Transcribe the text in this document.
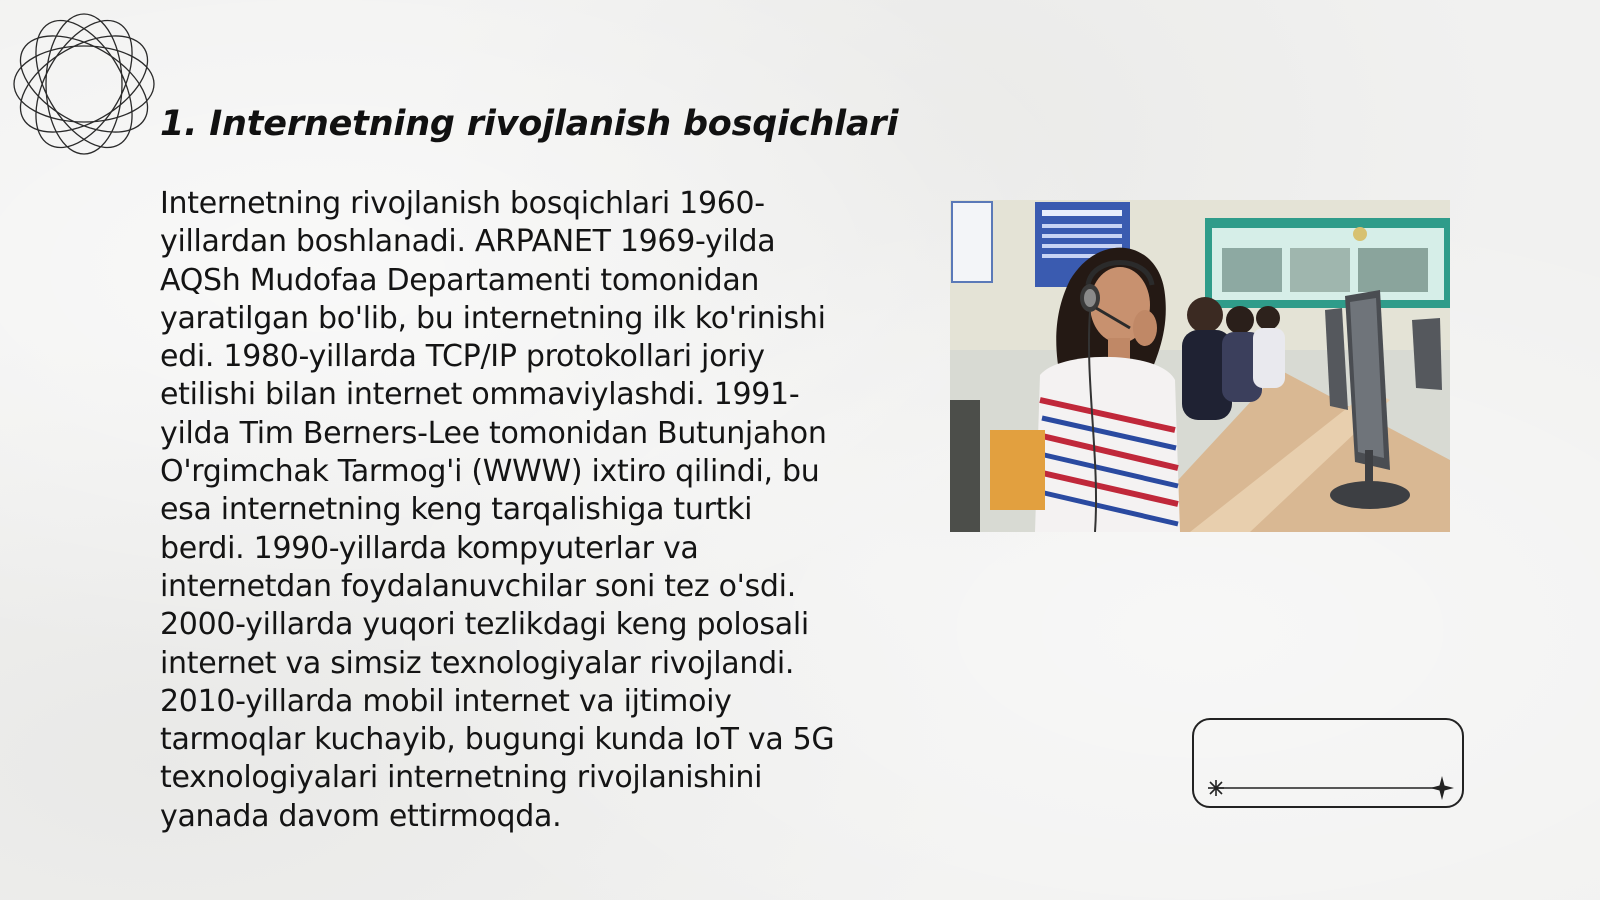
1. Internetning rivojlanish bosqichlari

Internetning rivojlanish bosqichlari 1960-yillardan boshlanadi. ARPANET 1969-yilda AQSh Mudofaa Departamenti tomonidan yaratilgan bo'lib, bu internetning ilk ko'rinishi edi. 1980-yillarda TCP/IP protokollari joriy etilishi bilan internet ommaviylashdi. 1991-yilda Tim Berners-Lee tomonidan Butunjahon O'rgimchak Tarmog'i (WWW) ixtiro qilindi, bu esa internetning keng tarqalishiga turtki berdi. 1990-yillarda kompyuterlar va internetdan foydalanuvchilar soni tez o'sdi. 2000-yillarda yuqori tezlikdagi keng polosali internet va simsiz texnologiyalar rivojlandi. 2010-yillarda mobil internet va ijtimoiy tarmoqlar kuchayib, bugungi kunda IoT va 5G texnologiyalari internetning rivojlanishini yanada davom ettirmoqda.
